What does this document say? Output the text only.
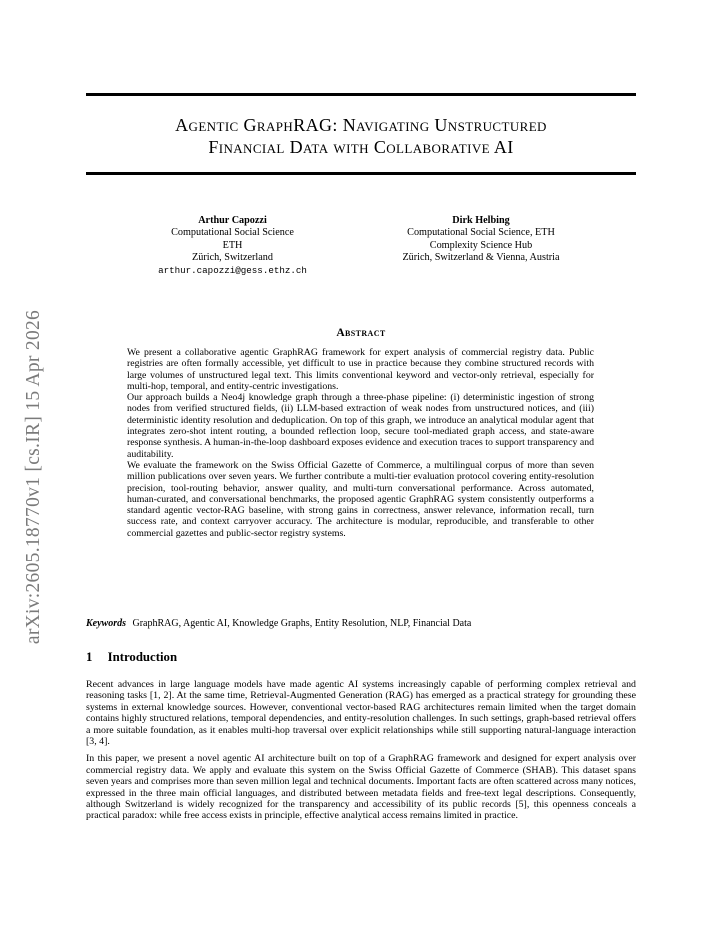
arXiv:2605.18770v1 [cs.IR] 15 Apr 2026
Agentic GraphRAG: Navigating Unstructured
Financial Data with Collaborative AI
Arthur Capozzi
Computational Social Science
ETH
Zürich, Switzerland
arthur.capozzi@gess.ethz.ch
Dirk Helbing
Computational Social Science, ETH
Complexity Science Hub
Zürich, Switzerland & Vienna, Austria
Abstract

We present a collaborative agentic GraphRAG framework for expert analysis of commercial registry data. Public registries are often formally accessible, yet difficult to use in practice because they combine structured records with large volumes of unstructured legal text. This limits conventional keyword and vector-only retrieval, especially for multi-hop, temporal, and entity-centric investigations.

Our approach builds a Neo4j knowledge graph through a three-phase pipeline: (i) deterministic ingestion of strong nodes from verified structured fields, (ii) LLM-based extraction of weak nodes from unstructured notices, and (iii) deterministic identity resolution and deduplication. On top of this graph, we introduce an analytical modular agent that integrates zero-shot intent routing, a bounded reflection loop, secure tool-mediated graph access, and state-aware response synthesis. A human-in-the-loop dashboard exposes evidence and execution traces to support transparency and auditability.

We evaluate the framework on the Swiss Official Gazette of Commerce, a multilingual corpus of more than seven million publications over seven years. We further contribute a multi-tier evaluation protocol covering entity-resolution precision, tool-routing behavior, answer quality, and multi-turn conversational performance. Across automated, human-curated, and conversational benchmarks, the proposed agentic GraphRAG system consistently outperforms a standard agentic vector-RAG baseline, with strong gains in correctness, answer relevance, information recall, turn success rate, and context carryover accuracy. The architecture is modular, reproducible, and transferable to other commercial gazettes and public-sector registry systems.

Keywords GraphRAG, Agentic AI, Knowledge Graphs, Entity Resolution, NLP, Financial Data
1 Introduction

Recent advances in large language models have made agentic AI systems increasingly capable of performing complex retrieval and reasoning tasks [1, 2]. At the same time, Retrieval-Augmented Generation (RAG) has emerged as a practical strategy for grounding these systems in external knowledge sources. However, conventional vector-based RAG architectures remain limited when the target domain contains highly structured relations, temporal dependencies, and entity-resolution challenges. In such settings, graph-based retrieval offers a more suitable foundation, as it enables multi-hop traversal over explicit relationships while still supporting natural-language interaction [3, 4].

In this paper, we present a novel agentic AI architecture built on top of a GraphRAG framework and designed for expert analysis over commercial registry data. We apply and evaluate this system on the Swiss Official Gazette of Commerce (SHAB). This dataset spans seven years and comprises more than seven million legal and technical documents. Important facts are often scattered across many notices, expressed in the three main official languages, and distributed between metadata fields and free-text legal descriptions. Consequently, although Switzerland is widely recognized for the transparency and accessibility of its public records [5], this openness conceals a practical paradox: while free access exists in principle, effective analytical access remains limited in practice.
